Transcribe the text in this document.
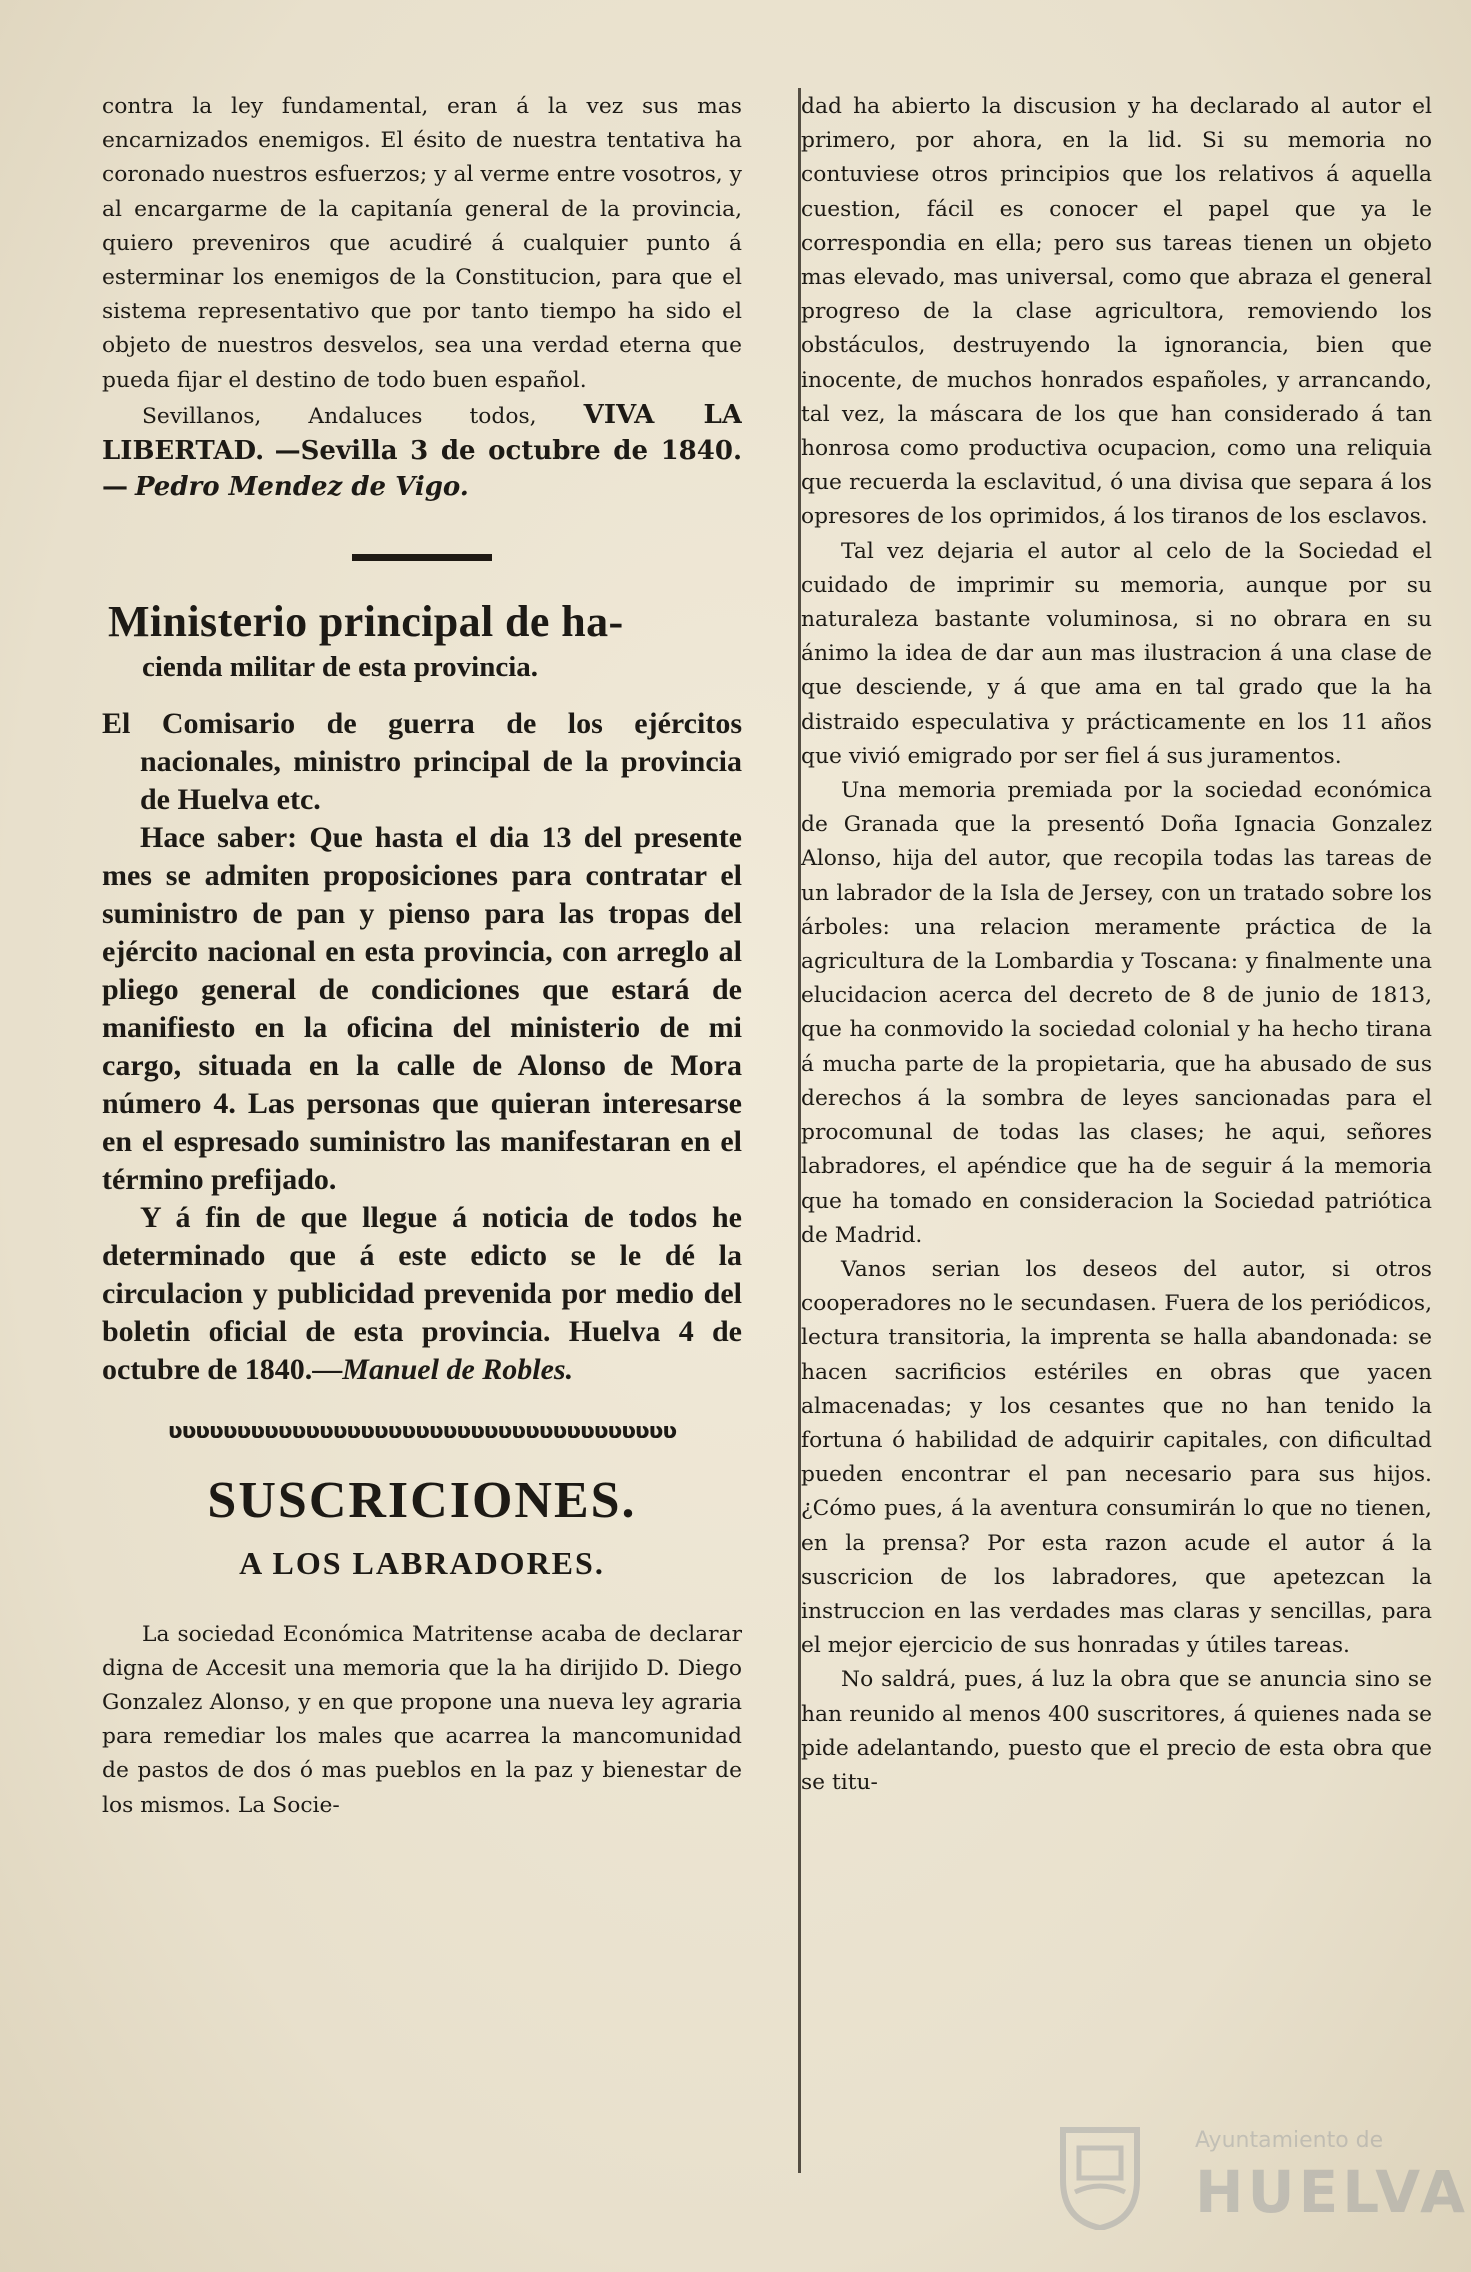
contra la ley fundamental, eran á la vez sus mas encarnizados enemigos. El ésito de nuestra tentativa ha coronado nuestros esfuerzos; y al verme entre vosotros, y al encargarme de la capitanía general de la provincia, quiero preveniros que acudiré á cualquier punto á esterminar los enemigos de la Constitucion, para que el sistema representativo que por tanto tiempo ha sido el objeto de nuestros desvelos, sea una verdad eterna que pueda fijar el destino de todo buen español.

Sevillanos, Andaluces todos, VIVA LA LIBERTAD. —Sevilla 3 de octubre de 1840.— Pedro Mendez de Vigo.

Ministerio principal de ha-
cienda militar de esta provincia.

El Comisario de guerra de los ejércitos nacionales, ministro principal de la provincia de Huelva etc.

Hace saber: Que hasta el dia 13 del presente mes se admiten proposiciones para contratar el suministro de pan y pienso para las tropas del ejército nacional en esta provincia, con arreglo al pliego general de condiciones que estará de manifiesto en la oficina del ministerio de mi cargo, situada en la calle de Alonso de Mora número 4. Las personas que quieran interesarse en el espresado suministro las manifestaran en el término prefijado.

Y á fin de que llegue á noticia de todos he determinado que á este edicto se le dé la circulacion y publicidad prevenida por medio del boletin oficial de esta provincia. Huelva 4 de octubre de 1840.—Manuel de Robles.

ʋʋʋʋʋʋʋʋʋʋʋʋʋʋʋʋʋʋʋʋʋʋʋʋʋʋʋʋʋʋʋʋʋʋʋʋʋ
SUSCRICIONES.
A LOS LABRADORES.

La sociedad Económica Matritense acaba de declarar digna de Accesit una memoria que la ha dirijido D. Diego Gonzalez Alonso, y en que propone una nueva ley agraria para remediar los males que acarrea la mancomunidad de pastos de dos ó mas pueblos en la paz y bienestar de los mismos. La Socie-

dad ha abierto la discusion y ha declarado al autor el primero, por ahora, en la lid. Si su memoria no contuviese otros principios que los relativos á aquella cuestion, fácil es conocer el papel que ya le correspondia en ella; pero sus tareas tienen un objeto mas elevado, mas universal, como que abraza el general progreso de la clase agricultora, removiendo los obstáculos, destruyendo la ignorancia, bien que inocente, de muchos honrados españoles, y arrancando, tal vez, la máscara de los que han considerado á tan honrosa como productiva ocupacion, como una reliquia que recuerda la esclavitud, ó una divisa que separa á los opresores de los oprimidos, á los tiranos de los esclavos.

Tal vez dejaria el autor al celo de la Sociedad el cuidado de imprimir su memoria, aunque por su naturaleza bastante voluminosa, si no obrara en su ánimo la idea de dar aun mas ilustracion á una clase de que desciende, y á que ama en tal grado que la ha distraido especulativa y prácticamente en los 11 años que vivió emigrado por ser fiel á sus juramentos.

Una memoria premiada por la sociedad económica de Granada que la presentó Doña Ignacia Gonzalez Alonso, hija del autor, que recopila todas las tareas de un labrador de la Isla de Jersey, con un tratado sobre los árboles: una relacion meramente práctica de la agricultura de la Lombardia y Toscana: y finalmente una elucidacion acerca del decreto de 8 de junio de 1813, que ha conmovido la sociedad colonial y ha hecho tirana á mucha parte de la propietaria, que ha abusado de sus derechos á la sombra de leyes sancionadas para el procomunal de todas las clases; he aqui, señores labradores, el apéndice que ha de seguir á la memoria que ha tomado en consideracion la Sociedad patriótica de Madrid.

Vanos serian los deseos del autor, si otros cooperadores no le secundasen. Fuera de los periódicos, lectura transitoria, la imprenta se halla abandonada: se hacen sacrificios estériles en obras que yacen almacenadas; y los cesantes que no han tenido la fortuna ó habilidad de adquirir capitales, con dificultad pueden encontrar el pan necesario para sus hijos. ¿Cómo pues, á la aventura consumirán lo que no tienen, en la prensa? Por esta razon acude el autor á la suscricion de los labradores, que apetezcan la instruccion en las verdades mas claras y sencillas, para el mejor ejercicio de sus honradas y útiles tareas.

No saldrá, pues, á luz la obra que se anuncia sino se han reunido al menos 400 suscritores, á quienes nada se pide adelantando, puesto que el precio de esta obra que se titu-

Ayuntamiento de
HUELVA
